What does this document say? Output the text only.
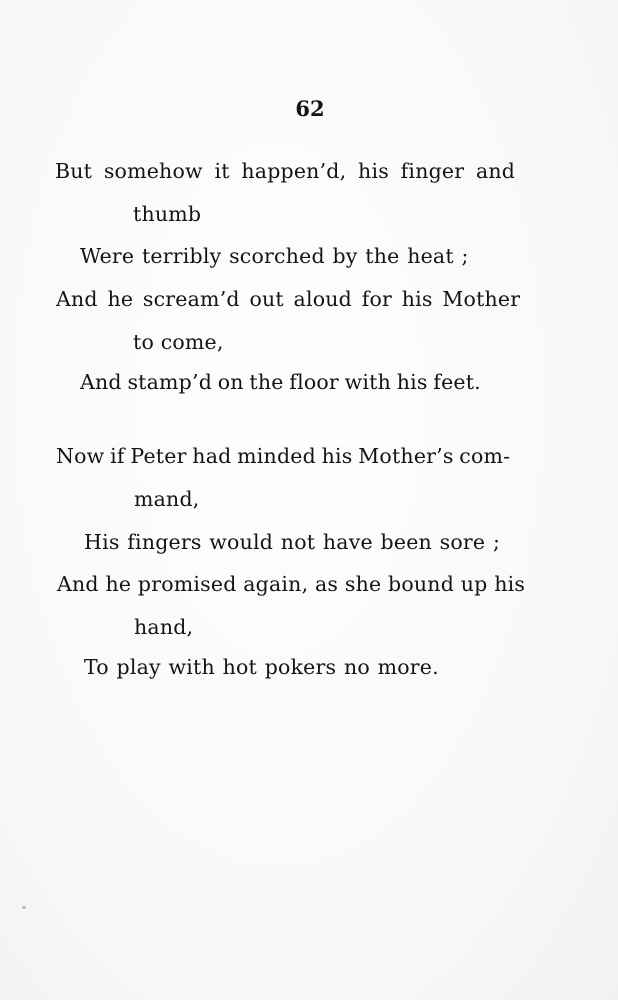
62
But somehow it happen’d, his finger and
thumb
Were terribly scorched by the heat ;
And he scream’d out aloud for his Mother
to come,
And stamp’d on the floor with his feet.
Now if Peter had minded his Mother’s com-
mand,
His fingers would not have been sore ;
And he promised again, as she bound up his
hand,
To play with hot pokers no more.
